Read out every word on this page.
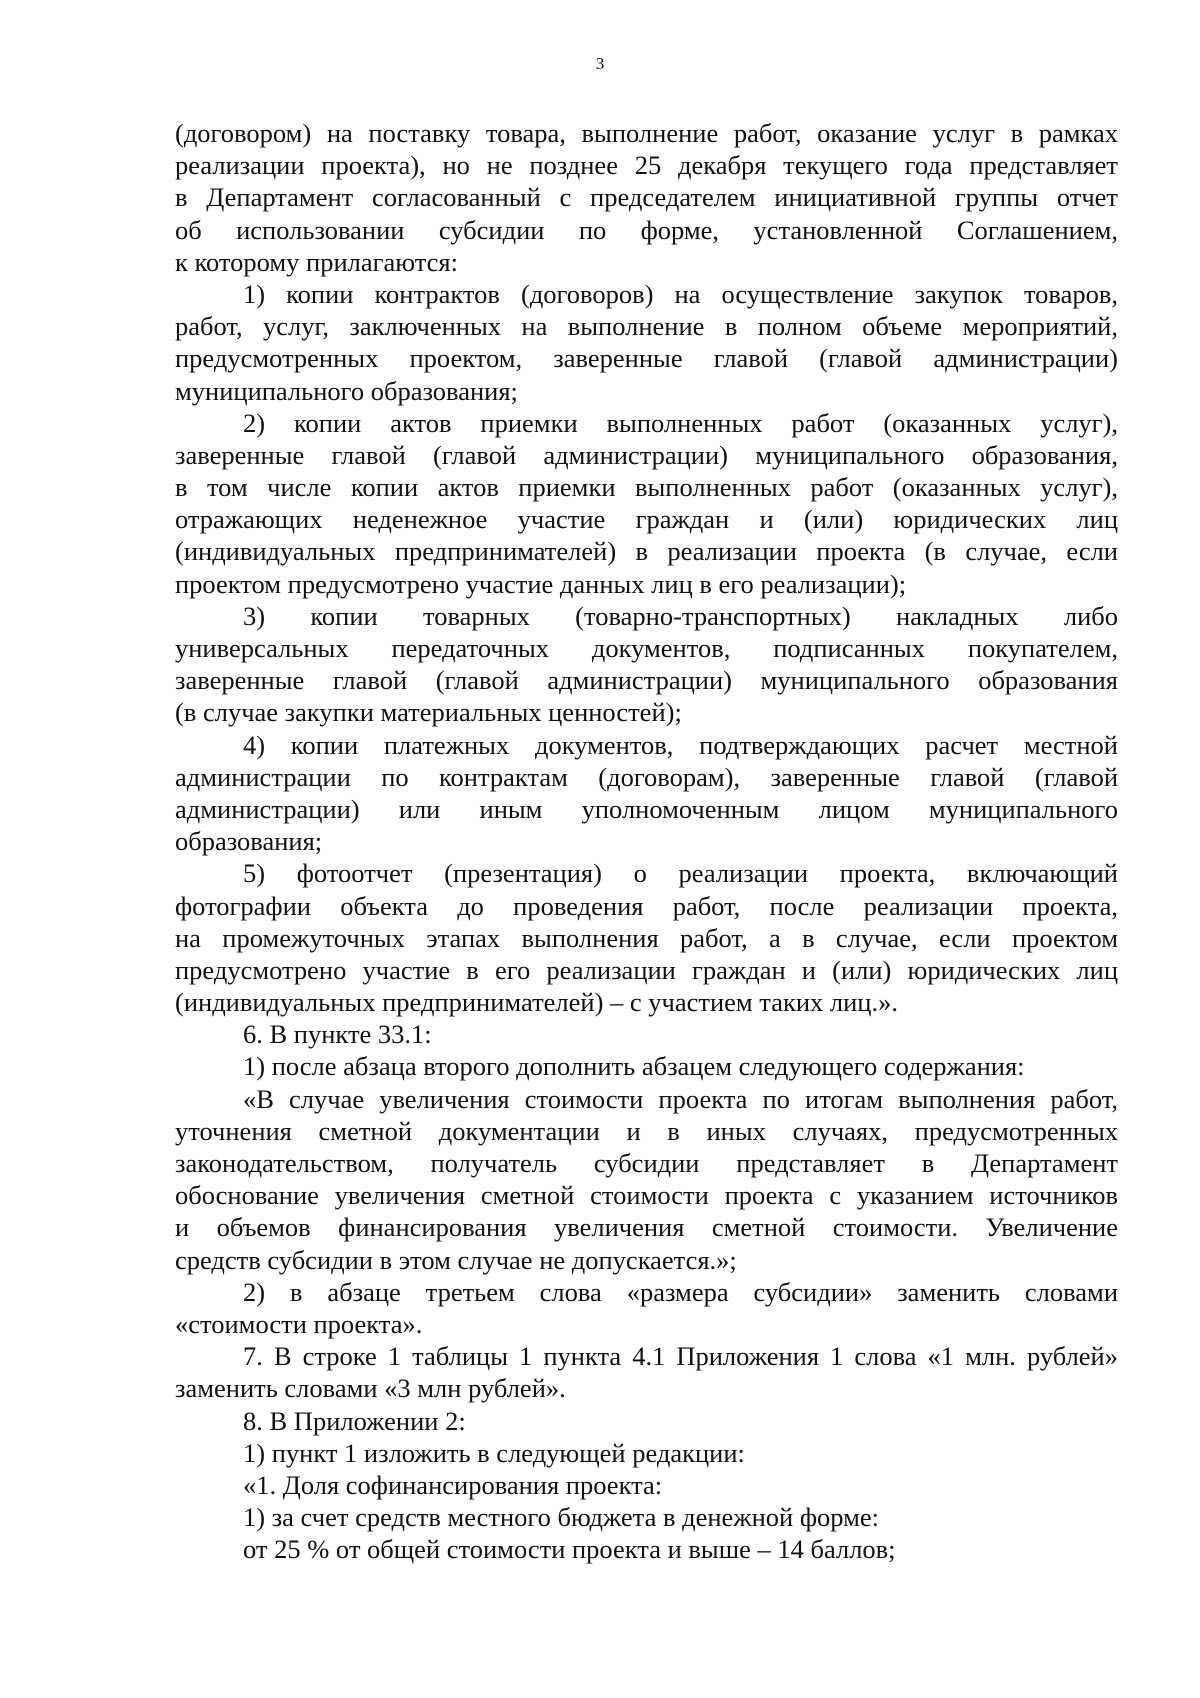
3
(договором) на поставку товара, выполнение работ, оказание услуг в рамках
реализации проекта), но не позднее 25 декабря текущего года представляет
в Департамент согласованный с председателем инициативной группы отчет
об использовании субсидии по форме, установленной Соглашением,
к которому прилагаются:
1) копии контрактов (договоров) на осуществление закупок товаров,
работ, услуг, заключенных на выполнение в полном объеме мероприятий,
предусмотренных проектом, заверенные главой (главой администрации)
муниципального образования;
2) копии актов приемки выполненных работ (оказанных услуг),
заверенные главой (главой администрации) муниципального образования,
в том числе копии актов приемки выполненных работ (оказанных услуг),
отражающих неденежное участие граждан и (или) юридических лиц
(индивидуальных предпринимателей) в реализации проекта (в случае, если
проектом предусмотрено участие данных лиц в его реализации);
3) копии товарных (товарно-транспортных) накладных либо
универсальных передаточных документов, подписанных покупателем,
заверенные главой (главой администрации) муниципального образования
(в случае закупки материальных ценностей);
4) копии платежных документов, подтверждающих расчет местной
администрации по контрактам (договорам), заверенные главой (главой
администрации) или иным уполномоченным лицом муниципального
образования;
5) фотоотчет (презентация) о реализации проекта, включающий
фотографии объекта до проведения работ, после реализации проекта,
на промежуточных этапах выполнения работ, а в случае, если проектом
предусмотрено участие в его реализации граждан и (или) юридических лиц
(индивидуальных предпринимателей) – с участием таких лиц.».
6. В пункте 33.1:
1) после абзаца второго дополнить абзацем следующего содержания:
«В случае увеличения стоимости проекта по итогам выполнения работ,
уточнения сметной документации и в иных случаях, предусмотренных
законодательством, получатель субсидии представляет в Департамент
обоснование увеличения сметной стоимости проекта с указанием источников
и объемов финансирования увеличения сметной стоимости. Увеличение
средств субсидии в этом случае не допускается.»;
2) в абзаце третьем слова «размера субсидии» заменить словами
«стоимости проекта».
7. В строке 1 таблицы 1 пункта 4.1 Приложения 1 слова «1 млн. рублей»
заменить словами «3 млн рублей».
8. В Приложении 2:
1) пункт 1 изложить в следующей редакции:
«1. Доля софинансирования проекта:
1) за счет средств местного бюджета в денежной форме:
от 25 % от общей стоимости проекта и выше – 14 баллов;
